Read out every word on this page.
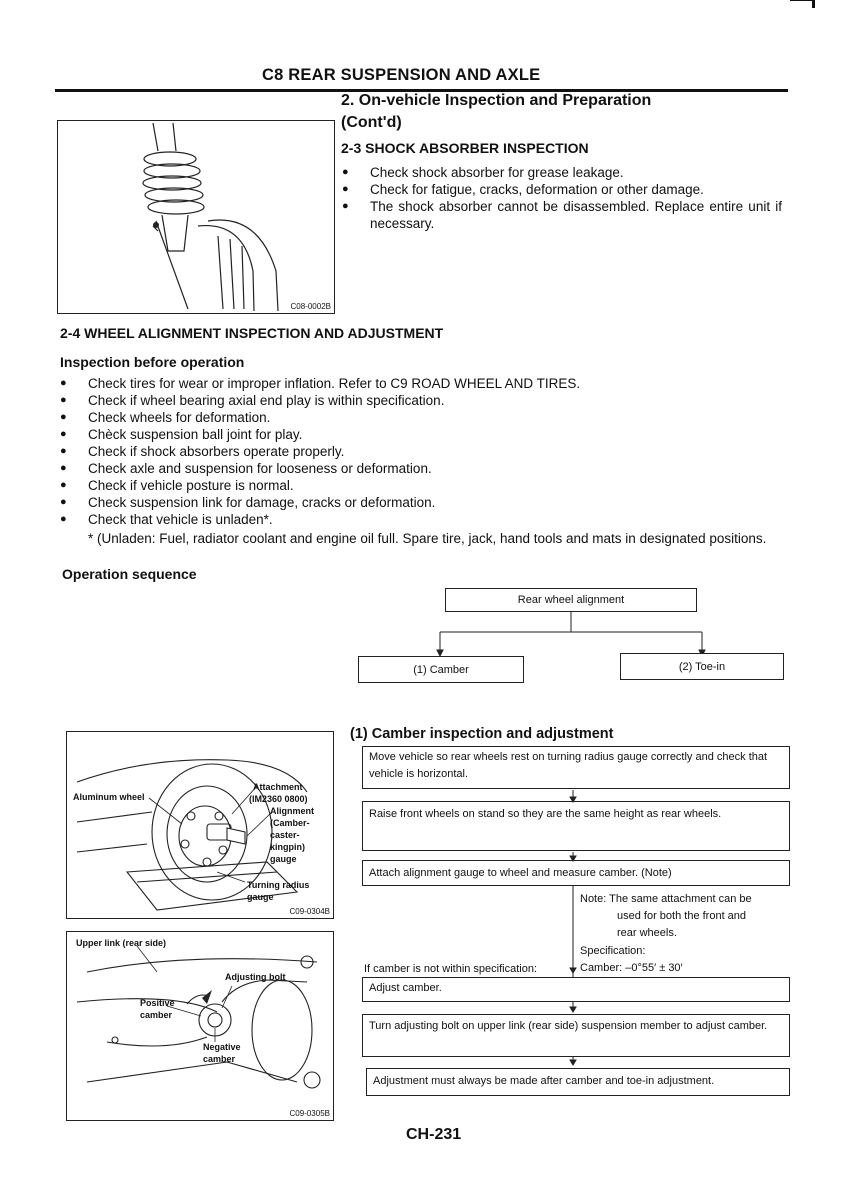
C8 REAR SUSPENSION AND AXLE
2. On-vehicle Inspection and Preparation
(Cont'd)
C08-0002B
2-3 SHOCK ABSORBER INSPECTION
● Check shock absorber for grease leakage.
● Check for fatigue, cracks, deformation or other damage.
● The shock absorber cannot be disassembled. Replace entire unit if necessary.
2-4 WHEEL ALIGNMENT INSPECTION AND ADJUSTMENT
Inspection before operation
● Check tires for wear or improper inflation. Refer to C9 ROAD WHEEL AND TIRES.
● Check if wheel bearing axial end play is within specification.
● Check wheels for deformation.
● Chèck suspension ball joint for play.
● Check if shock absorbers operate properly.
● Check axle and suspension for looseness or deformation.
● Check if vehicle posture is normal.
● Check suspension link for damage, cracks or deformation.
● Check that vehicle is unladen*.
* (Unladen: Fuel, radiator coolant and engine oil full. Spare tire, jack, hand tools and mats in designated positions.
Operation sequence
Rear wheel alignment
(1) Camber	(2) Toe-in
Aluminum wheel
Attachment
(IM2360 0800)
Alignment
(Camber-
caster-
kingpin)
gauge
Turning radius
gauge
C09-0304B
Upper link (rear side)
Adjusting bolt
Positive
camber
Negative
camber
C09-0305B
(1) Camber inspection and adjustment
Move vehicle so rear wheels rest on turning radius gauge correctly and check that vehicle is horizontal.
Raise front wheels on stand so they are the same height as rear wheels.
Attach alignment gauge to wheel and measure camber. (Note)
Note: The same attachment can be
used for both the front and
rear wheels.
Specification:
If camber is not within specification:	Camber: –0°55′ ± 30′
Adjust camber.
Turn adjusting bolt on upper link (rear side) suspension member to adjust camber.
Adjustment must always be made after camber and toe-in adjustment.
CH-231
